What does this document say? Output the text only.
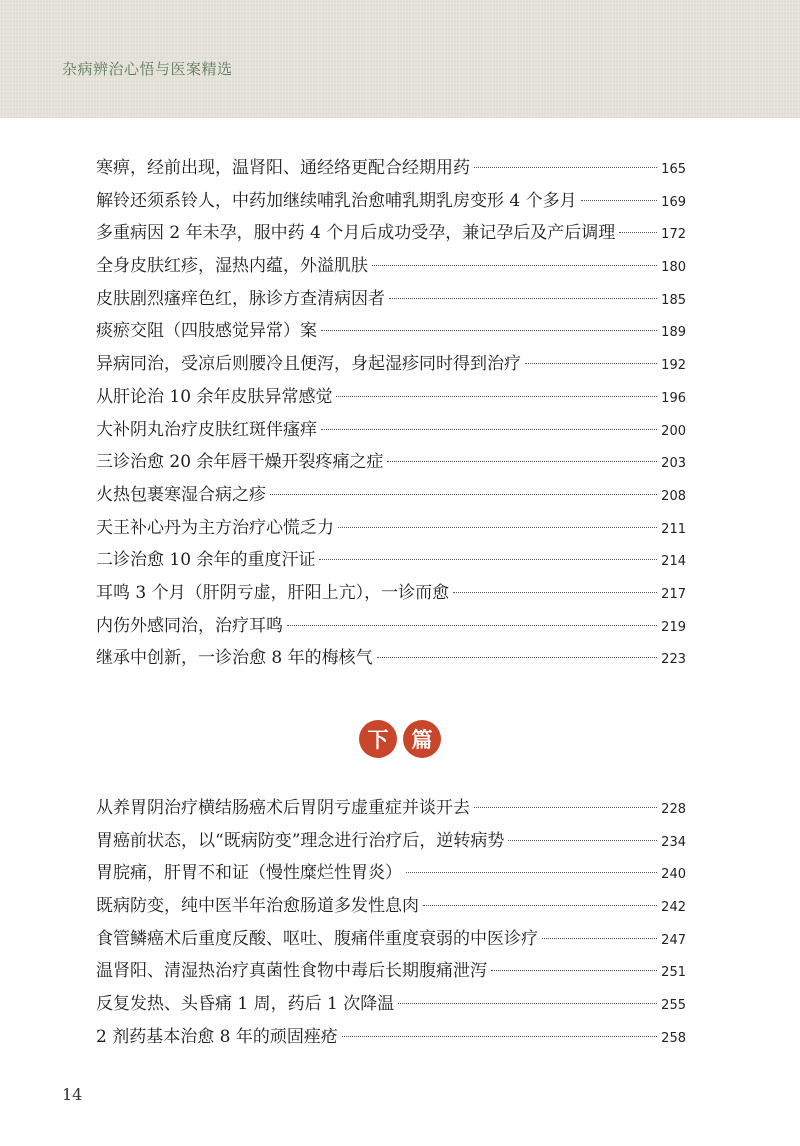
杂病辨治心悟与医案精选
寒痹，经前出现，温肾阳、通经络更配合经期用药	165
解铃还须系铃人，中药加继续哺乳治愈哺乳期乳房变形 4 个多月	169
多重病因 2 年未孕，服中药 4 个月后成功受孕，兼记孕后及产后调理	172
全身皮肤红疹，湿热内蕴，外溢肌肤	180
皮肤剧烈瘙痒色红，脉诊方查清病因者	185
痰瘀交阻（四肢感觉异常）案	189
异病同治，受凉后则腰冷且便泻，身起湿疹同时得到治疗	192
从肝论治 10 余年皮肤异常感觉	196
大补阴丸治疗皮肤红斑伴瘙痒	200
三诊治愈 20 余年唇干燥开裂疼痛之症	203
火热包裹寒湿合病之疹	208
天王补心丹为主方治疗心慌乏力	211
二诊治愈 10 余年的重度汗证	214
耳鸣 3 个月（肝阴亏虚，肝阳上亢），一诊而愈	217
内伤外感同治，治疗耳鸣	219
继承中创新，一诊治愈 8 年的梅核气	223
下	篇
从养胃阴治疗横结肠癌术后胃阴亏虚重症并谈开去	228
胃癌前状态，以“既病防变”理念进行治疗后，逆转病势	234
胃脘痛，肝胃不和证（慢性糜烂性胃炎）	240
既病防变，纯中医半年治愈肠道多发性息肉	242
食管鳞癌术后重度反酸、呕吐、腹痛伴重度衰弱的中医诊疗	247
温肾阳、清湿热治疗真菌性食物中毒后长期腹痛泄泻	251
反复发热、头昏痛 1 周，药后 1 次降温	255
2 剂药基本治愈 8 年的顽固痤疮	258
14
